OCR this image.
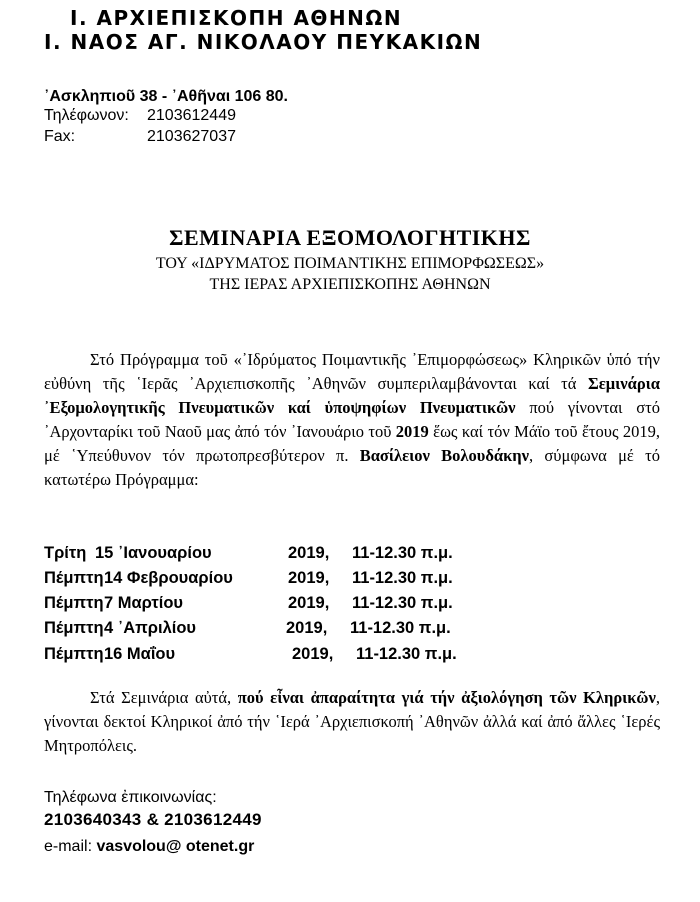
Ι. ΑΡΧΙΕΠΙΣΚΟΠΗ ΑΘΗΝΩΝ
Ι. ΝΑΟΣ ΑΓ. ΝΙΚΟΛΑΟΥ ΠΕΥΚΑΚΙΩΝ
᾿Ασκληπιοῦ 38 - ᾿Αθῆναι 106 80.
Τηλέφωνον: 2103612449
Fax:	2103627037
ΣΕΜΙΝΑΡΙΑ ΕΞΟΜΟΛΟΓΗΤΙΚΗΣ
ΤΟΥ «ΙΔΡΥΜΑΤΟΣ ΠΟΙΜΑΝΤΙΚΗΣ ΕΠΙΜΟΡΦΩΣΕΩΣ»
ΤΗΣ ΙΕΡΑΣ ΑΡΧΙΕΠΙΣΚΟΠΗΣ ΑΘΗΝΩΝ
Στό Πρόγραμμα τοῦ «᾿Ιδρύματος Ποιμαντικῆς ᾿Επιμορφώσεως» Κληρικῶν ὑπό τήν εὐθύνη τῆς ῾Ιερᾶς ᾿Αρχιεπισκοπῆς ᾿Αθηνῶν συμπεριλαμβάνονται καί τά Σεμινάρια ᾿Εξομολογητικῆς Πνευματικῶν καί ὑποψηφίων Πνευματικῶν πού γίνονται στό ᾿Αρχονταρίκι τοῦ Ναοῦ μας ἀπό τόν ᾿Ιανουάριο τοῦ 2019 ἕως καί τόν Μάϊο τοῦ ἔτους 2019, μέ ῾Υπεύθυνον τόν πρωτοπρεσβύτερον π. Βασίλειον Βολουδάκην, σύμφωνα μέ τό κατωτέρω Πρόγραμμα:
Τρίτη 15 ᾿Ιανουαρίου	2019, 11-12.30 π.μ.
Πέμπτη 14 Φεβρουαρίου	2019, 11-12.30 π.μ.
Πέμπτη 7 Μαρτίου	2019, 11-12.30 π.μ.
Πέμπτη 4 ᾿Απριλίου	2019, 11-12.30 π.μ.
Πέμπτη 16 Μαΐου	2019, 11-12.30 π.μ.
Στά Σεμινάρια αὐτά, πού εἶναι ἀπαραίτητα γιά τήν ἀξιολόγηση τῶν Κληρικῶν, γίνονται δεκτοί Κληρικοί ἀπό τήν ῾Ιερά ᾿Αρχιεπισκοπή ᾿Αθηνῶν ἀλλά καί ἀπό ἄλλες ῾Ιερές Μητροπόλεις.
Τηλέφωνα ἐπικοινωνίας:
2103640343 & 2103612449
e-mail: vasvolou@ otenet.gr
